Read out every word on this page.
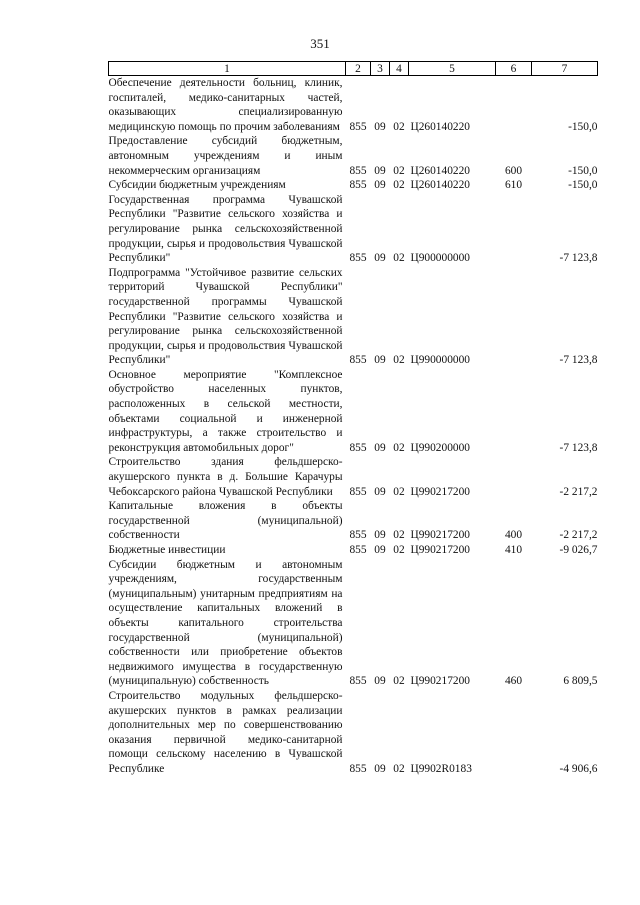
351
1	2	3	4	5	6	7
Обеспечение деятельности больниц, клиник, госпиталей, медико-санитарных частей, оказывающих специализированную медицинскую помощь по прочим заболеваниям	855	09	02	Ц260140220		-150,0
Предоставление субсидий бюджетным, автономным учреждениям и иным некоммерческим организациям	855	09	02	Ц260140220	600	-150,0
Субсидии бюджетным учреждениям	855	09	02	Ц260140220	610	-150,0
Государственная программа Чувашской Республики "Развитие сельского хозяйства и регулирование рынка сельскохозяйственной продукции, сырья и продовольствия Чувашской Республики"	855	09	02	Ц900000000		-7 123,8
Подпрограмма "Устойчивое развитие сельских территорий Чувашской Республики" государственной программы Чувашской Республики "Развитие сельского хозяйства и регулирование рынка сельскохозяйственной продукции, сырья и продовольствия Чувашской Республики"	855	09	02	Ц990000000		-7 123,8
Основное мероприятие "Комплексное обустройство населенных пунктов, расположенных в сельской местности, объектами социальной и инженерной инфраструктуры, а также строительство и реконструкция автомобильных дорог"	855	09	02	Ц990200000		-7 123,8
Строительство здания фельдшерско-акушерского пункта в д. Большие Карачуры Чебоксарского района Чувашской Республики	855	09	02	Ц990217200		-2 217,2
Капитальные вложения в объекты государственной (муниципальной) собственности	855	09	02	Ц990217200	400	-2 217,2
Бюджетные инвестиции	855	09	02	Ц990217200	410	-9 026,7
Субсидии бюджетным и автономным учреждениям, государственным (муниципальным) унитарным предприятиям на осуществление капитальных вложений в объекты капитального строительства государственной (муниципальной) собственности или приобретение объектов недвижимого имущества в государственную (муниципальную) собственность	855	09	02	Ц990217200	460	6 809,5
Строительство модульных фельдшерско-акушерских пунктов в рамках реализации дополнительных мер по совершенствованию оказания первичной медико-санитарной помощи сельскому населению в Чувашской Республике	855	09	02	Ц9902R0183		-4 906,6
